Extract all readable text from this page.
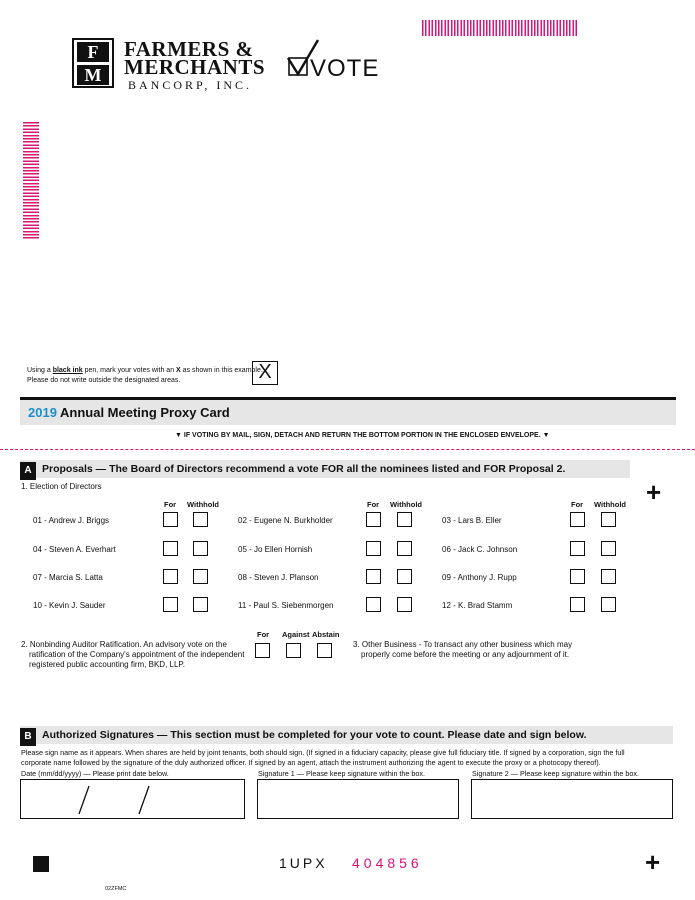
F
M
FARMERS &
MERCHANTS
BANCORP, INC.
VOTE
Using a black ink pen, mark your votes with an X as shown in this example.
Please do not write outside the designated areas.	X
2019 Annual Meeting Proxy Card
▼ IF VOTING BY MAIL, SIGN, DETACH AND RETURN THE BOTTOM PORTION IN THE ENCLOSED ENVELOPE. ▼
A Proposals — The Board of Directors recommend a vote FOR all the nominees listed and FOR Proposal 2.
+
1. Election of Directors
For Withhold	For Withhold	For Withhold
01 - Andrew J. Briggs	02 - Eugene N. Burkholder	03 - Lars B. Eller
04 - Steven A. Everhart	05 - Jo Ellen Hornish	06 - Jack C. Johnson
07 - Marcia S. Latta	08 - Steven J. Planson	09 - Anthony J. Rupp
10 - Kevin J. Sauder	11 - Paul S. Siebenmorgen	12 - K. Brad Stamm
2. Nonbinding Auditor Ratification. An advisory vote on the
ratification of the Company's appointment of the independent
registered public accounting firm, BKD, LLP.
For Against Abstain
3. Other Business - To transact any other business which may
properly come before the meeting or any adjournment of it.
B Authorized Signatures — This section must be completed for your vote to count. Please date and sign below.
Please sign name as it appears. When shares are held by joint tenants, both should sign. (If signed in a fiduciary capacity, please give full fiduciary title. If signed by a corporation, sign the full
corporate name followed by the signature of the duly authorized officer. If signed by an agent, attach the instrument authorizing the agent to execute the proxy or a photocopy thereof).
Date (mm/dd/yyyy) — Please print date below.	Signature 1 — Please keep signature within the box.	Signature 2 — Please keep signature within the box.
1UPX 404856	+
02ZFMC
